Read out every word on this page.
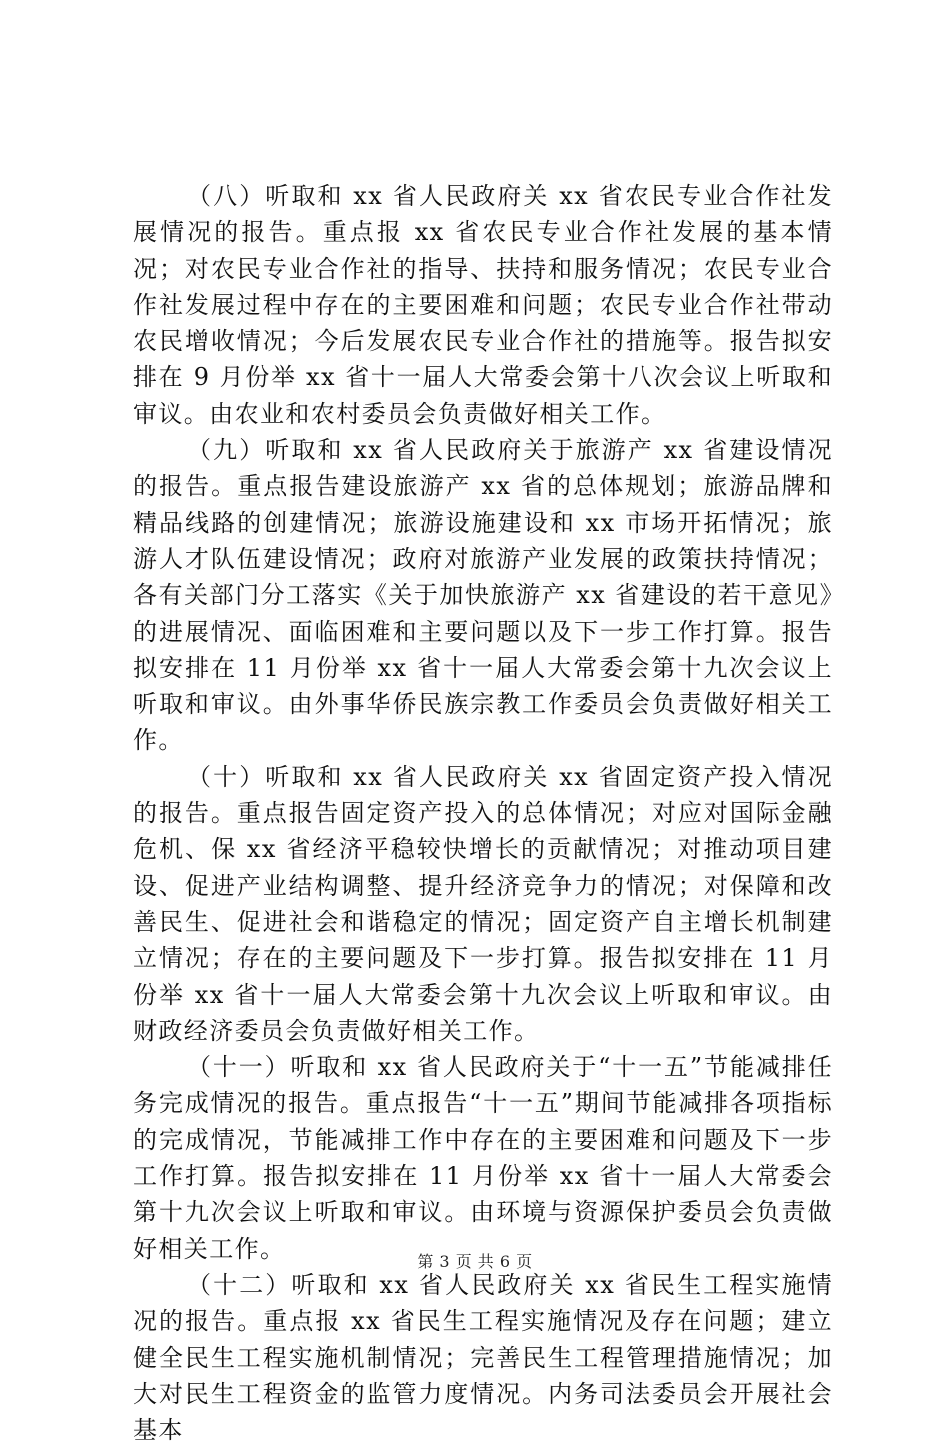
（八）听取和 xx 省人民政府关 xx 省农民专业合作社发展情况的报告。重点报 xx 省农民专业合作社发展的基本情况；对农民专业合作社的指导、扶持和服务情况；农民专业合作社发展过程中存在的主要困难和问题；农民专业合作社带动农民增收情况；今后发展农民专业合作社的措施等。报告拟安排在 9 月份举 xx 省十一届人大常委会第十八次会议上听取和审议。由农业和农村委员会负责做好相关工作。

（九）听取和 xx 省人民政府关于旅游产 xx 省建设情况的报告。重点报告建设旅游产 xx 省的总体规划；旅游品牌和精品线路的创建情况；旅游设施建设和 xx 市场开拓情况；旅游人才队伍建设情况；政府对旅游产业发展的政策扶持情况；各有关部门分工落实《关于加快旅游产 xx 省建设的若干意见》的进展情况、面临困难和主要问题以及下一步工作打算。报告拟安排在 11 月份举 xx 省十一届人大常委会第十九次会议上听取和审议。由外事华侨民族宗教工作委员会负责做好相关工作。

（十）听取和 xx 省人民政府关 xx 省固定资产投入情况的报告。重点报告固定资产投入的总体情况；对应对国际金融危机、保 xx 省经济平稳较快增长的贡献情况；对推动项目建设、促进产业结构调整、提升经济竞争力的情况；对保障和改善民生、促进社会和谐稳定的情况；固定资产自主增长机制建立情况；存在的主要问题及下一步打算。报告拟安排在 11 月份举 xx 省十一届人大常委会第十九次会议上听取和审议。由财政经济委员会负责做好相关工作。

（十一）听取和 xx 省人民政府关于“十一五”节能减排任务完成情况的报告。重点报告“十一五”期间节能减排各项指标的完成情况，节能减排工作中存在的主要困难和问题及下一步工作打算。报告拟安排在 11 月份举 xx 省十一届人大常委会第十九次会议上听取和审议。由环境与资源保护委员会负责做好相关工作。

（十二）听取和 xx 省人民政府关 xx 省民生工程实施情况的报告。重点报 xx 省民生工程实施情况及存在问题；建立健全民生工程实施机制情况；完善民生工程管理措施情况；加大对民生工程资金的监管力度情况。内务司法委员会开展社会基本

第 3 页 共 6 页
